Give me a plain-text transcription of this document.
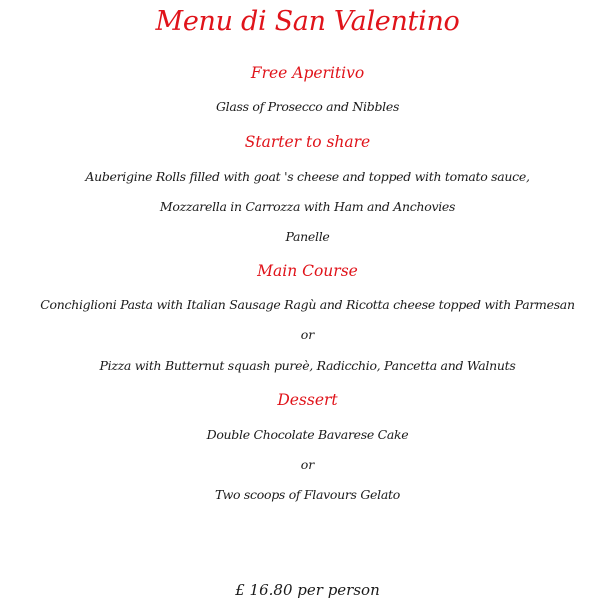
Menu di San Valentino
Free Aperitivo
Glass of Prosecco and Nibbles
Starter to share
Auberigine Rolls filled with goat 's cheese and topped with tomato sauce,
Mozzarella in Carrozza with Ham and Anchovies
Panelle
Main Course
Conchiglioni Pasta with Italian Sausage Ragù and Ricotta cheese topped with Parmesan
or
Pizza with Butternut squash pureè, Radicchio, Pancetta and Walnuts
Dessert
Double Chocolate Bavarese Cake
or
Two scoops of Flavours Gelato
£ 16.80 per person
